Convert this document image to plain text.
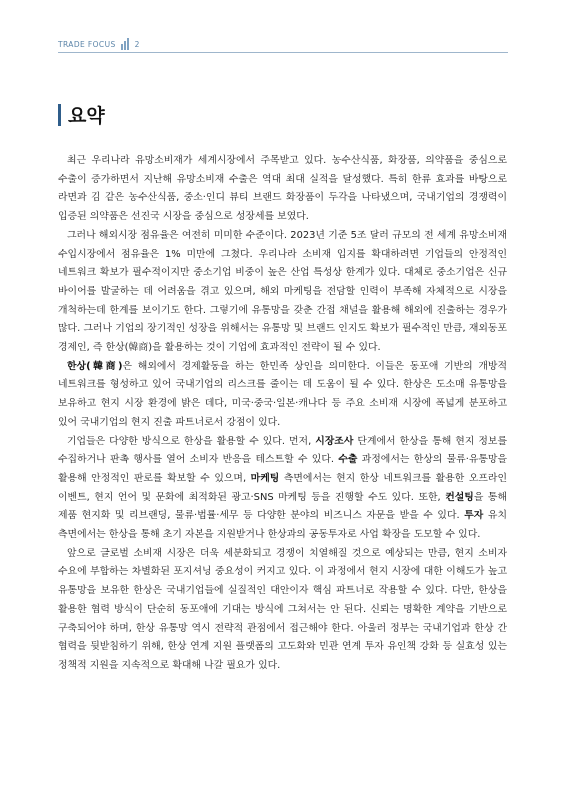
TRADE FOCUS	2
요약

최근 우리나라 유망소비재가 세계시장에서 주목받고 있다. 농수산식품, 화장품, 의약품을 중심으로 수출이 증가하면서 지난해 유망소비재 수출은 역대 최대 실적을 달성했다. 특히 한류 효과를 바탕으로 라면과 김 같은 농수산식품, 중소·인디 뷰티 브랜드 화장품이 두각을 나타냈으며, 국내기업의 경쟁력이 입증된 의약품은 선진국 시장을 중심으로 성장세를 보였다.

그러나 해외시장 점유율은 여전히 미미한 수준이다. 2023년 기준 5조 달러 규모의 전 세계 유망소비재 수입시장에서 점유율은 1% 미만에 그쳤다. 우리나라 소비재 입지를 확대하려면 기업들의 안정적인 네트워크 확보가 필수적이지만 중소기업 비중이 높은 산업 특성상 한계가 있다. 대체로 중소기업은 신규 바이어를 발굴하는 데 어려움을 겪고 있으며, 해외 마케팅을 전담할 인력이 부족해 자체적으로 시장을 개척하는데 한계를 보이기도 한다. 그렇기에 유통망을 갖춘 간접 채널을 활용해 해외에 진출하는 경우가 많다. 그러나 기업의 장기적인 성장을 위해서는 유통망 및 브랜드 인지도 확보가 필수적인 만큼, 재외동포 경제인, 즉 한상(韓商)을 활용하는 것이 기업에 효과적인 전략이 될 수 있다.

한상(韓商)은 해외에서 경제활동을 하는 한민족 상인을 의미한다. 이들은 동포애 기반의 개방적 네트워크를 형성하고 있어 국내기업의 리스크를 줄이는 데 도움이 될 수 있다. 한상은 도소매 유통망을 보유하고 현지 시장 환경에 밝은 데다, 미국·중국·일본·캐나다 등 주요 소비재 시장에 폭넓게 분포하고 있어 국내기업의 현지 진출 파트너로서 강점이 있다.

기업들은 다양한 방식으로 한상을 활용할 수 있다. 먼저, 시장조사 단계에서 한상을 통해 현지 정보를 수집하거나 판촉 행사를 열어 소비자 반응을 테스트할 수 있다. 수출 과정에서는 한상의 물류·유통망을 활용해 안정적인 판로를 확보할 수 있으며, 마케팅 측면에서는 현지 한상 네트워크를 활용한 오프라인 이벤트, 현지 언어 및 문화에 최적화된 광고·SNS 마케팅 등을 진행할 수도 있다. 또한, 컨설팅을 통해 제품 현지화 및 리브랜딩, 물류·법률·세무 등 다양한 분야의 비즈니스 자문을 받을 수 있다. 투자 유치 측면에서는 한상을 통해 초기 자본을 지원받거나 한상과의 공동투자로 사업 확장을 도모할 수 있다.

앞으로 글로벌 소비재 시장은 더욱 세분화되고 경쟁이 치열해질 것으로 예상되는 만큼, 현지 소비자 수요에 부합하는 차별화된 포지셔닝 중요성이 커지고 있다. 이 과정에서 현지 시장에 대한 이해도가 높고 유통망을 보유한 한상은 국내기업들에 실질적인 대안이자 핵심 파트너로 작용할 수 있다. 다만, 한상을 활용한 협력 방식이 단순히 동포애에 기대는 방식에 그쳐서는 안 된다. 신뢰는 명확한 계약을 기반으로 구축되어야 하며, 한상 유통망 역시 전략적 관점에서 접근해야 한다. 아울러 정부는 국내기업과 한상 간 협력을 뒷받침하기 위해, 한상 연계 지원 플랫폼의 고도화와 민관 연계 투자 유인책 강화 등 실효성 있는 정책적 지원을 지속적으로 확대해 나갈 필요가 있다.
